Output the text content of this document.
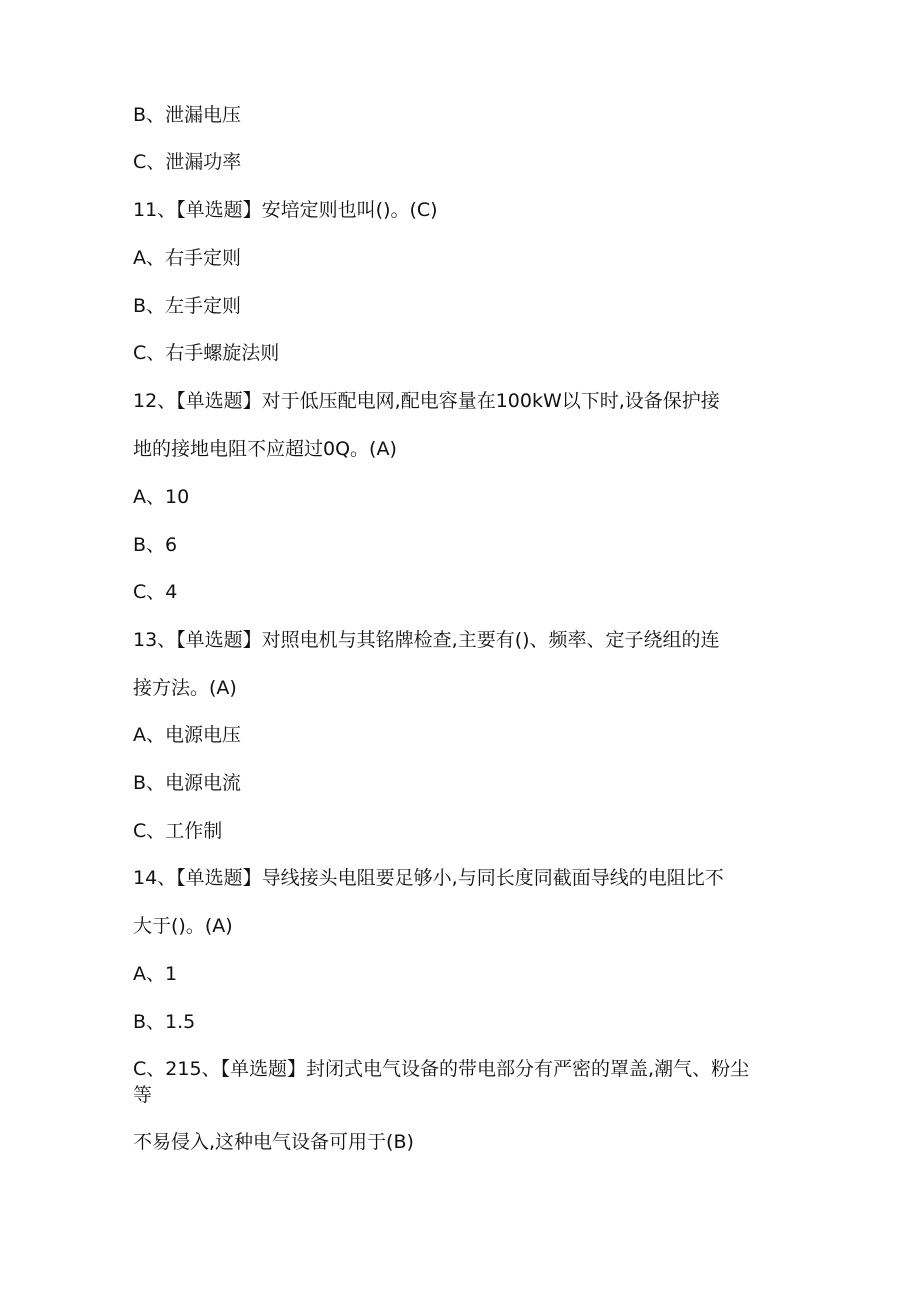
B、泄漏电压

C、泄漏功率

11、【单选题】安培定则也叫()。(C)

A、右手定则

B、左手定则

C、右手螺旋法则

12、【单选题】对于低压配电网,配电容量在100kW以下时,设备保护接

地的接地电阻不应超过0Q。(A)

A、10

B、6

C、4

13、【单选题】对照电机与其铭牌检查,主要有()、频率、定子绕组的连

接方法。(A)

A、电源电压

B、电源电流

C、工作制

14、【单选题】导线接头电阻要足够小,与同长度同截面导线的电阻比不

大于()。(A)

A、1

B、1.5

C、215、【单选题】封闭式电气设备的带电部分有严密的罩盖,潮气、粉尘

等

不易侵入,这种电气设备可用于(B)
